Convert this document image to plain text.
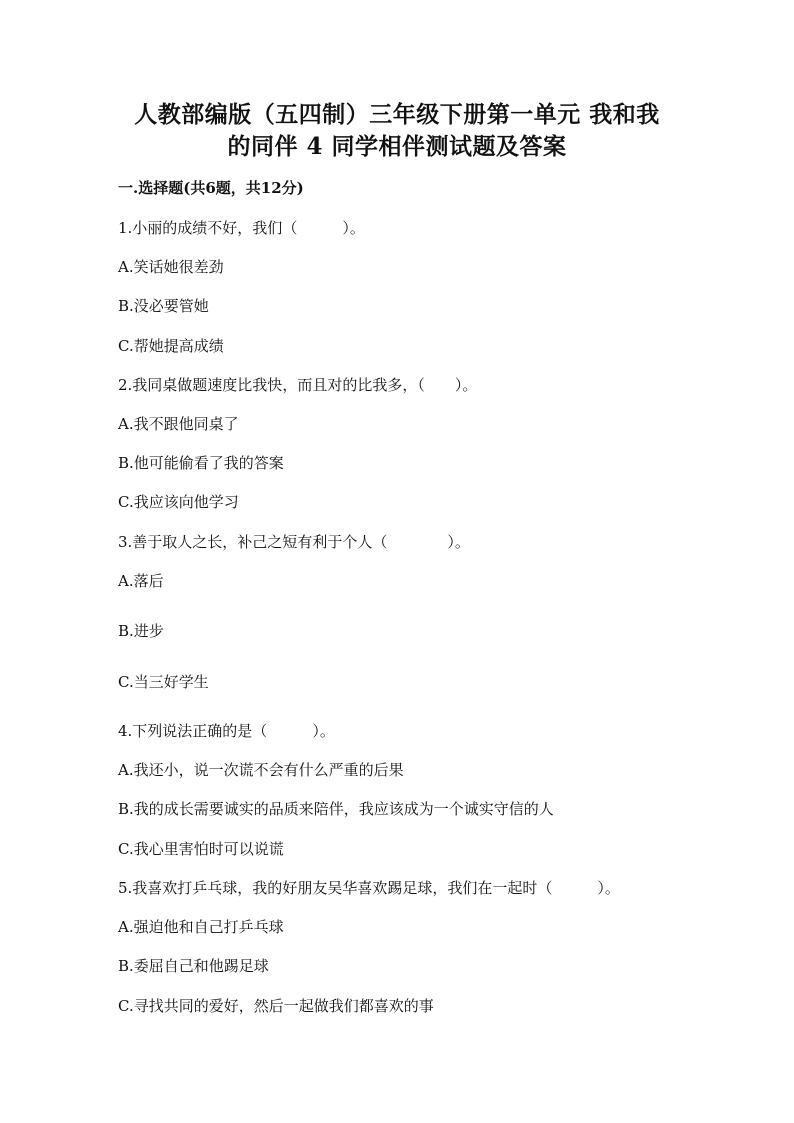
人教部编版（五四制）三年级下册第一单元 我和我
的同伴 4 同学相伴测试题及答案
一.选择题(共6题，共12分)

1.小丽的成绩不好，我们（　　　）。

A.笑话她很差劲

B.没必要管她

C.帮她提高成绩

2.我同桌做题速度比我快，而且对的比我多，（　　）。

A.我不跟他同桌了

B.他可能偷看了我的答案

C.我应该向他学习

3.善于取人之长，补己之短有利于个人（　　　　）。

A.落后

B.进步

C.当三好学生

4.下列说法正确的是（　　　）。

A.我还小，说一次谎不会有什么严重的后果

B.我的成长需要诚实的品质来陪伴，我应该成为一个诚实守信的人

C.我心里害怕时可以说谎

5.我喜欢打乒乓球，我的好朋友吴华喜欢踢足球，我们在一起时（　　　）。

A.强迫他和自己打乒乓球

B.委屈自己和他踢足球

C.寻找共同的爱好，然后一起做我们都喜欢的事
